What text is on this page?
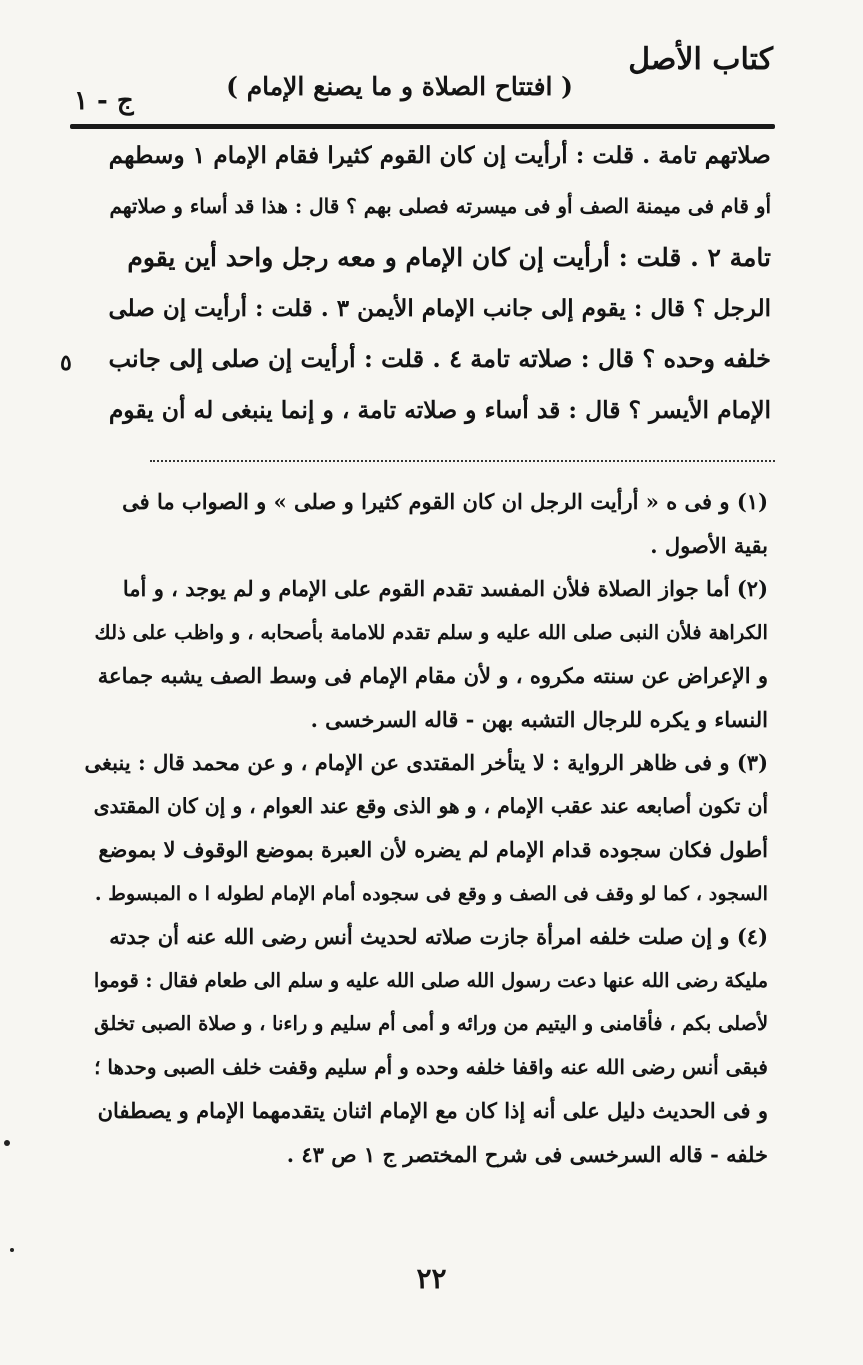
كتاب الأصل
( افتتاح الصلاة و ما يصنع الإمام )
ج - ١
صلاتهم تامة . قلت : أرأيت إن كان القوم كثيرا فقام الإمام ١ وسطهم
أو قام فى ميمنة الصف أو فى ميسرته فصلى بهم ؟ قال : هذا قد أساء و صلاتهم
تامة ٢ . قلت : أرأيت إن كان الإمام و معه رجل واحد أين يقوم
الرجل ؟ قال : يقوم إلى جانب الإمام الأيمن ٣ . قلت : أرأيت إن صلى
خلفه وحده ؟ قال : صلاته تامة ٤ . قلت : أرأيت إن صلى إلى جانب
الإمام الأيسر ؟ قال : قد أساء و صلاته تامة ، و إنما ينبغى له أن يقوم
٥
(١) و فى ه « أرأيت الرجل ان كان القوم كثيرا و صلى » و الصواب ما فى
بقية الأصول .
(٢) أما جواز الصلاة فلأن المفسد تقدم القوم على الإمام و لم يوجد ، و أما
الكراهة فلأن النبى صلى الله عليه و سلم تقدم للامامة بأصحابه ، و واظب على ذلك
و الإعراض عن سنته مكروه ، و لأن مقام الإمام فى وسط الصف يشبه جماعة
النساء و يكره للرجال التشبه بهن - قاله السرخسى .
(٣) و فى ظاهر الرواية : لا يتأخر المقتدى عن الإمام ، و عن محمد قال : ينبغى
أن تكون أصابعه عند عقب الإمام ، و هو الذى وقع عند العوام ، و إن كان المقتدى
أطول فكان سجوده قدام الإمام لم يضره لأن العبرة بموضع الوقوف لا بموضع
السجود ، كما لو وقف فى الصف و وقع فى سجوده أمام الإمام لطوله ا ه المبسوط .
(٤) و إن صلت خلفه امرأة جازت صلاته لحديث أنس رضى الله عنه أن جدته
مليكة رضى الله عنها دعت رسول الله صلى الله عليه و سلم الى طعام فقال : قوموا
لأصلى بكم ، فأقامنى و اليتيم من ورائه و أمى أم سليم و راءنا ، و صلاة الصبى تخلق
فبقى أنس رضى الله عنه واقفا خلفه وحده و أم سليم وقفت خلف الصبى وحدها ؛
و فى الحديث دليل على أنه إذا كان مع الإمام اثنان يتقدمهما الإمام و يصطفان
خلفه - قاله السرخسى فى شرح المختصر ج ١ ص ٤٣ .
٢٢
